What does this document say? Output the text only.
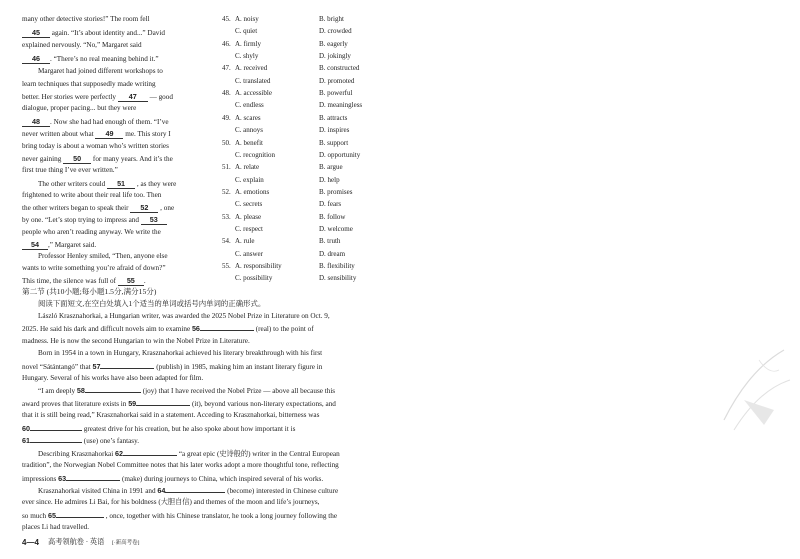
many other detective stories!” The room fell
45 again. “It’s about identity and...” David
explained nervously. “No,” Margaret said
46 . “There’s no real meaning behind it.”
Margaret had joined different workshops to
learn techniques that supposedly made writing
better. Her stories were perfectly 47 — good
dialogue, proper pacing... but they were
48 . Now she had had enough of them. “I’ve
never written about what 49 me. This story I
bring today is about a woman who’s written stories
never gaining 50 for many years. And it’s the
first true thing I’ve ever written.”
The other writers could 51 , as they were
frightened to write about their real life too. Then
the other writers began to speak their 52 , one
by one. “Let’s stop trying to impress and 53
people who aren’t reading anyway. We write the
54 ,” Margaret said.
Professor Henley smiled, “Then, anyone else
wants to write something you’re afraid of down?”
This time, the silence was full of 55 .
45. A. noisy	B. bright
C. quiet	D. crowded
46. A. firmly	B. eagerly
C. shyly	D. jokingly
47. A. received	B. constructed
C. translated	D. promoted
48. A. accessible	B. powerful
C. endless	D. meaningless
49. A. scares	B. attracts
C. annoys	D. inspires
50. A. benefit	B. support
C. recognition	D. opportunity
51. A. relate	B. argue
C. explain	D. help
52. A. emotions	B. promises
C. secrets	D. fears
53. A. please	B. follow
C. respect	D. welcome
54. A. rule	B. truth
C. answer	D. dream
55. A. responsibility	B. flexibility
C. possibility	D. sensibility
第二节 (共10小题;每小题1.5分,满分15分)
阅读下面短文,在空白处填入1个适当的单词或括号内单词的正确形式。
László Krasznahorkai, a Hungarian writer, was awarded the 2025 Nobel Prize in Literature on Oct. 9,
2025. He said his dark and difficult novels aim to examine 56	(real) to the point of
madness. He is now the second Hungarian to win the Nobel Prize in Literature.
Born in 1954 in a town in Hungary, Krasznahorkai achieved his literary breakthrough with his first
novel “Sátántangó” that 57	(publish) in 1985, making him an instant literary figure in
Hungary. Several of his works have also been adapted for film.
“I am deeply 58	(joy) that I have received the Nobel Prize — above all because this
award proves that literature exists in 59	(it), beyond various non-literary expectations, and
that it is still being read,” Krasznahorkai said in a statement. Acceding to Krasznahorkai, bitterness was
60	greatest drive for his creation, but he also spoke about how important it is
61	(use) one’s fantasy.
Describing Krasznahorkai 62	“a great epic (史诗般的) writer in the Central European
tradition”, the Norwegian Nobel Committee notes that his later works adopt a more thoughtful tone, reflecting
impressions 63	(make) during journeys to China, which inspired several of his works.
Krasznahorkai visited China in 1991 and 64	(become) interested in Chinese culture
ever since. He admires Li Bai, for his boldness (大胆自信) and themes of the moon and life’s journeys,
so much 65	, once, together with his Chinese translator, he took a long journey following the
places Li had travelled.
4—4 高考领航卷 · 英语 [·新高考卷]
